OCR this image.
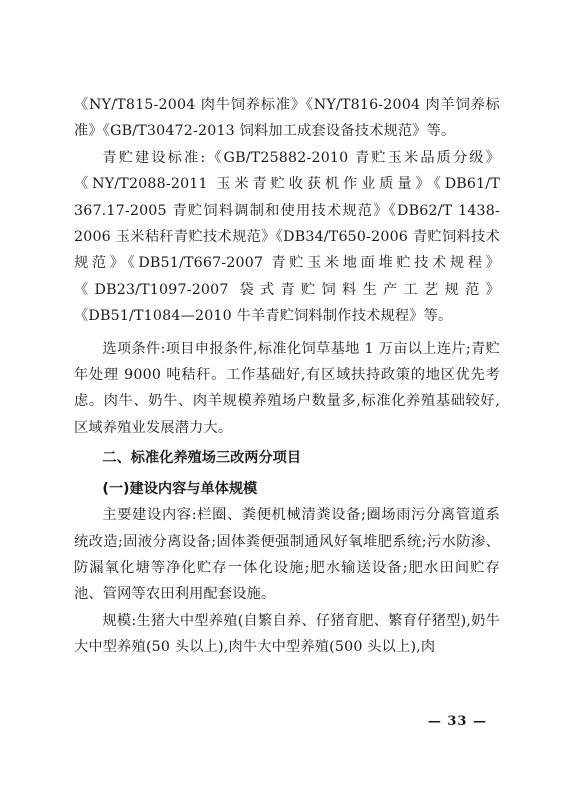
《NY/T815-2004 肉牛饲养标准》《NY/T816-2004 肉羊饲养标准》《GB/T30472-2013 饲料加工成套设备技术规范》等。

青贮建设标准:《GB/T25882-2010 青贮玉米品质分级》《NY/T2088-2011 玉米青贮收获机作业质量》《DB61/T 367.17-2005 青贮饲料调制和使用技术规范》《DB62/T 1438-2006 玉米秸秆青贮技术规范》《DB34/T650-2006 青贮饲料技术规范》《DB51/T667-2007 青贮玉米地面堆贮技术规程》《DB23/T1097-2007 袋式青贮饲料生产工艺规范》《DB51/T1084—2010 牛羊青贮饲料制作技术规程》等。

选项条件:项目申报条件,标准化饲草基地 1 万亩以上连片;青贮年处理 9000 吨秸秆。工作基础好,有区域扶持政策的地区优先考虑。肉牛、奶牛、肉羊规模养殖场户数量多,标准化养殖基础较好,区域养殖业发展潜力大。

二、标准化养殖场三改两分项目

(一)建设内容与单体规模

主要建设内容:栏圈、粪便机械清粪设备;圈场雨污分离管道系统改造;固液分离设备;固体粪便强制通风好氧堆肥系统;污水防渗、防漏氧化塘等净化贮存一体化设施;肥水输送设备;肥水田间贮存池、管网等农田利用配套设施。

规模:生猪大中型养殖(自繁自养、仔猪育肥、繁育仔猪型),奶牛大中型养殖(50 头以上),肉牛大中型养殖(500 头以上),肉

— 33 —
